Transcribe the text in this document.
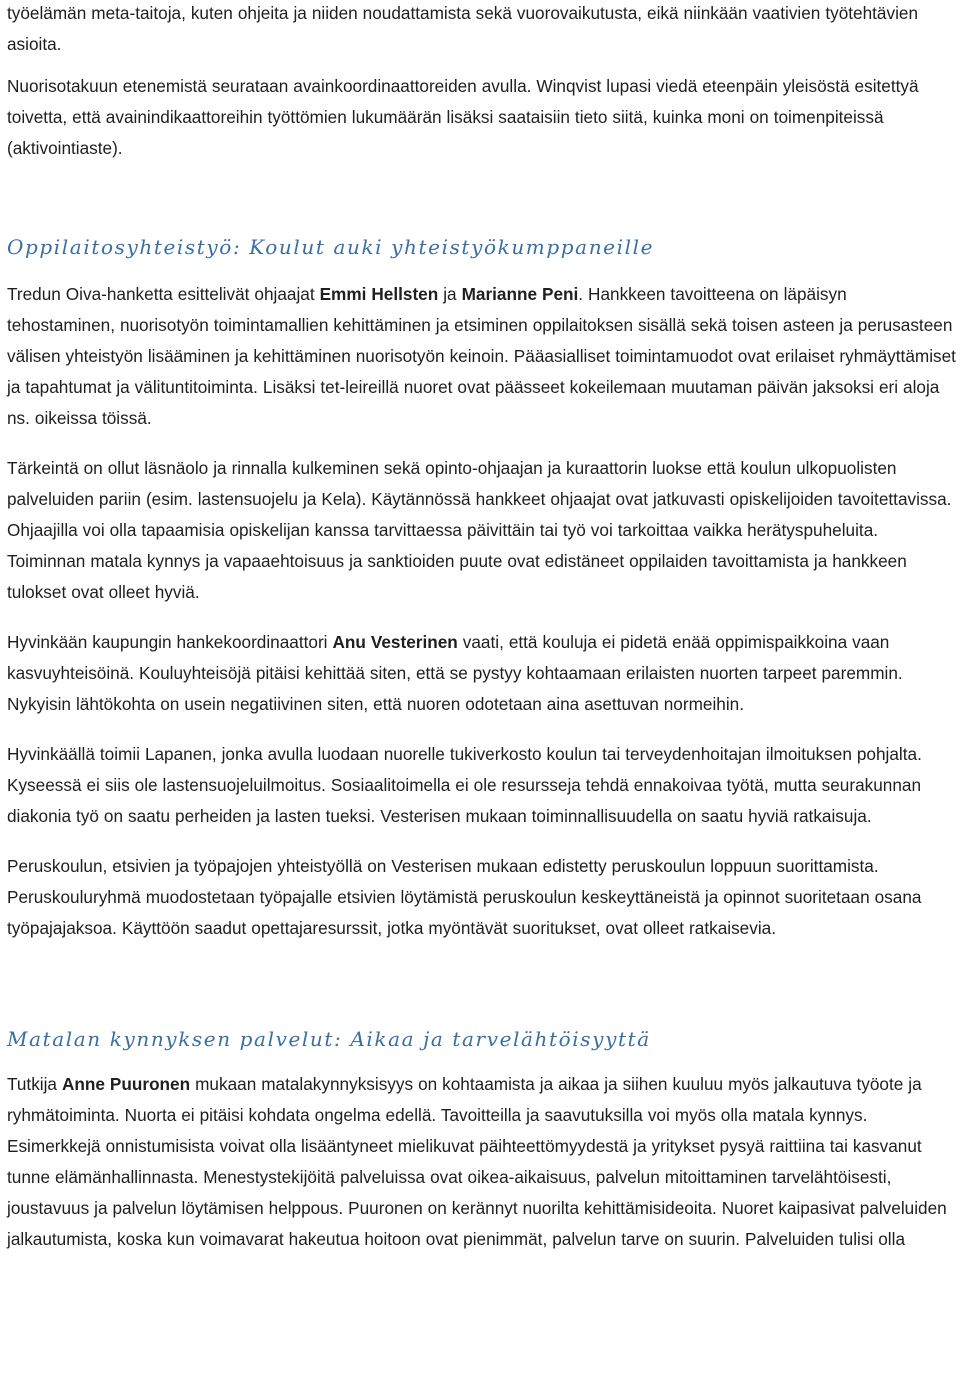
työelämän meta-taitoja, kuten ohjeita ja niiden noudattamista sekä vuorovaikutusta, eikä niinkään vaativien työtehtävien asioita.

Nuorisotakuun etenemistä seurataan avainkoordinaattoreiden avulla. Winqvist lupasi viedä eteenpäin yleisöstä esitettyä toivetta, että avainindikaattoreihin työttömien lukumäärän lisäksi saataisiin tieto siitä, kuinka moni on toimenpiteissä (aktivointiaste).

Oppilaitosyhteistyö: Koulut auki yhteistyökumppaneille

Tredun Oiva-hanketta esittelivät ohjaajat Emmi Hellsten ja Marianne Peni. Hankkeen tavoitteena on läpäisyn tehostaminen, nuorisotyön toimintamallien kehittäminen ja etsiminen oppilaitoksen sisällä sekä toisen asteen ja perusasteen välisen yhteistyön lisääminen ja kehittäminen nuorisotyön keinoin. Pääasialliset toimintamuodot ovat erilaiset ryhmäyttämiset ja tapahtumat ja välituntitoiminta. Lisäksi tet-leireillä nuoret ovat päässeet kokeilemaan muutaman päivän jaksoksi eri aloja ns. oikeissa töissä.

Tärkeintä on ollut läsnäolo ja rinnalla kulkeminen sekä opinto-ohjaajan ja kuraattorin luokse että koulun ulkopuolisten palveluiden pariin (esim. lastensuojelu ja Kela). Käytännössä hankkeet ohjaajat ovat jatkuvasti opiskelijoiden tavoitettavissa. Ohjaajilla voi olla tapaamisia opiskelijan kanssa tarvittaessa päivittäin tai työ voi tarkoittaa vaikka herätyspuheluita. Toiminnan matala kynnys ja vapaaehtoisuus ja sanktioiden puute ovat edistäneet oppilaiden tavoittamista ja hankkeen tulokset ovat olleet hyviä.

Hyvinkään kaupungin hankekoordinaattori Anu Vesterinen vaati, että kouluja ei pidetä enää oppimispaikkoina vaan kasvuyhteisöinä. Kouluyhteisöjä pitäisi kehittää siten, että se pystyy kohtaamaan erilaisten nuorten tarpeet paremmin. Nykyisin lähtökohta on usein negatiivinen siten, että nuoren odotetaan aina asettuvan normeihin.

Hyvinkäällä toimii Lapanen, jonka avulla luodaan nuorelle tukiverkosto koulun tai terveydenhoitajan ilmoituksen pohjalta. Kyseessä ei siis ole lastensuojeluilmoitus. Sosiaalitoimella ei ole resursseja tehdä ennakoivaa työtä, mutta seurakunnan diakonia työ on saatu perheiden ja lasten tueksi. Vesterisen mukaan toiminnallisuudella on saatu hyviä ratkaisuja.

Peruskoulun, etsivien ja työpajojen yhteistyöllä on Vesterisen mukaan edistetty peruskoulun loppuun suorittamista. Peruskouluryhmä muodostetaan työpajalle etsivien löytämistä peruskoulun keskeyttäneistä ja opinnot suoritetaan osana työpajajaksoa. Käyttöön saadut opettajaresurssit, jotka myöntävät suoritukset, ovat olleet ratkaisevia.

Matalan kynnyksen palvelut: Aikaa ja tarvelähtöisyyttä

Tutkija Anne Puuronen mukaan matalakynnyksisyys on kohtaamista ja aikaa ja siihen kuuluu myös jalkautuva työote ja ryhmätoiminta. Nuorta ei pitäisi kohdata ongelma edellä. Tavoitteilla ja saavutuksilla voi myös olla matala kynnys. Esimerkkejä onnistumisista voivat olla lisääntyneet mielikuvat päihteettömyydestä ja yritykset pysyä raittiina tai kasvanut tunne elämänhallinnasta. Menestystekijöitä palveluissa ovat oikea-aikaisuus, palvelun mitoittaminen tarvelähtöisesti, joustavuus ja palvelun löytämisen helppous. Puuronen on kerännyt nuorilta kehittämisideoita. Nuoret kaipasivat palveluiden jalkautumista, koska kun voimavarat hakeutua hoitoon ovat pienimmät, palvelun tarve on suurin. Palveluiden tulisi olla
